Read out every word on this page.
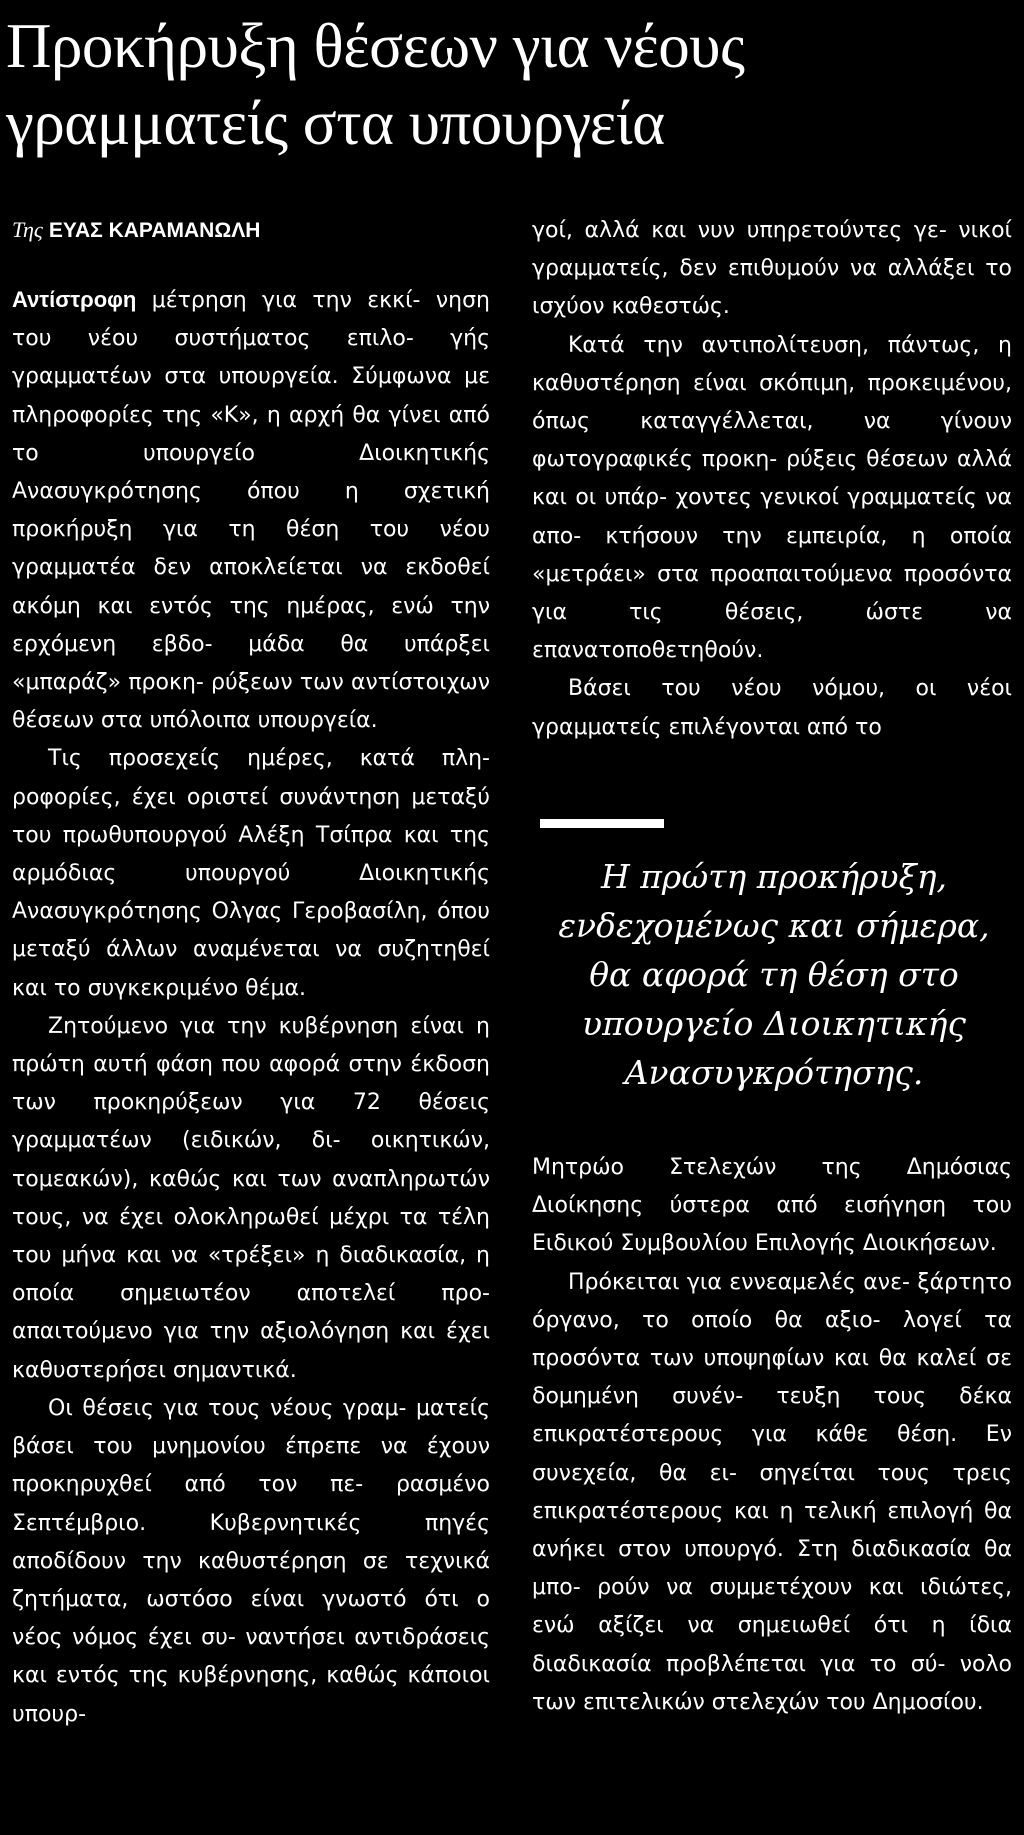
Προκήρυξη θέσεων για νέους
γραμματείς στα υπουργεία
Της ΕΥΑΣ ΚΑΡΑΜΑΝΩΛΗ

Αντίστροφη μέτρηση για την εκκί- νηση του νέου συστήματος επιλο- γής γραμματέων στα υπουργεία. Σύμφωνα με πληροφορίες της «Κ», η αρχή θα γίνει από το υπουργείο Διοικητικής Ανασυγκρότησης όπου η σχετική προκήρυξη για τη θέση του νέου γραμματέα δεν αποκλείεται να εκδοθεί ακόμη και εντός της ημέρας, ενώ την ερχόμενη εβδο- μάδα θα υπάρξει «μπαράζ» προκη- ρύξεων των αντίστοιχων θέσεων στα υπόλοιπα υπουργεία.

Τις προσεχείς ημέρες, κατά πλη- ροφορίες, έχει οριστεί συνάντηση μεταξύ του πρωθυπουργού Αλέξη Τσίπρα και της αρμόδιας υπουργού Διοικητικής Ανασυγκρότησης Ολγας Γεροβασίλη, όπου μεταξύ άλλων αναμένεται να συζητηθεί και το συγκεκριμένο θέμα.

Ζητούμενο για την κυβέρνηση είναι η πρώτη αυτή φάση που αφορά στην έκδοση των προκηρύξεων για 72 θέσεις γραμματέων (ειδικών, δι- οικητικών, τομεακών), καθώς και των αναπληρωτών τους, να έχει ολοκληρωθεί μέχρι τα τέλη του μήνα και να «τρέξει» η διαδικασία, η οποία σημειωτέον αποτελεί προ- απαιτούμενο για την αξιολόγηση και έχει καθυστερήσει σημαντικά.

Οι θέσεις για τους νέους γραμ- ματείς βάσει του μνημονίου έπρεπε να έχουν προκηρυχθεί από τον πε- ρασμένο Σεπτέμβριο. Κυβερνητικές πηγές αποδίδουν την καθυστέρηση σε τεχνικά ζητήματα, ωστόσο είναι γνωστό ότι ο νέος νόμος έχει συ- ναντήσει αντιδράσεις και εντός της κυβέρνησης, καθώς κάποιοι υπουρ-

γοί, αλλά και νυν υπηρετούντες γε- νικοί γραμματείς, δεν επιθυμούν να αλλάξει το ισχύον καθεστώς.

Κατά την αντιπολίτευση, πάντως, η καθυστέρηση είναι σκόπιμη, προκειμένου, όπως καταγγέλλεται, να γίνουν φωτογραφικές προκη- ρύξεις θέσεων αλλά και οι υπάρ- χοντες γενικοί γραμματείς να απο- κτήσουν την εμπειρία, η οποία «μετράει» στα προαπαιτούμενα προσόντα για τις θέσεις, ώστε να επανατοποθετηθούν.

Βάσει του νέου νόμου, οι νέοι γραμματείς επιλέγονται από το

Η πρώτη προκήρυξη, ενδεχομένως και σήμερα, θα αφορά τη θέση στο υπουργείο Διοικητικής Ανασυγκρότησης.

Μητρώο Στελεχών της Δημόσιας Διοίκησης ύστερα από εισήγηση του Ειδικού Συμβουλίου Επιλογής Διοικήσεων.

Πρόκειται για εννεαμελές ανε- ξάρτητο όργανο, το οποίο θα αξιο- λογεί τα προσόντα των υποψηφίων και θα καλεί σε δομημένη συνέν- τευξη τους δέκα επικρατέστερους για κάθε θέση. Εν συνεχεία, θα ει- σηγείται τους τρεις επικρατέστερους και η τελική επιλογή θα ανήκει στον υπουργό. Στη διαδικασία θα μπο- ρούν να συμμετέχουν και ιδιώτες, ενώ αξίζει να σημειωθεί ότι η ίδια διαδικασία προβλέπεται για το σύ- νολο των επιτελικών στελεχών του Δημοσίου.
